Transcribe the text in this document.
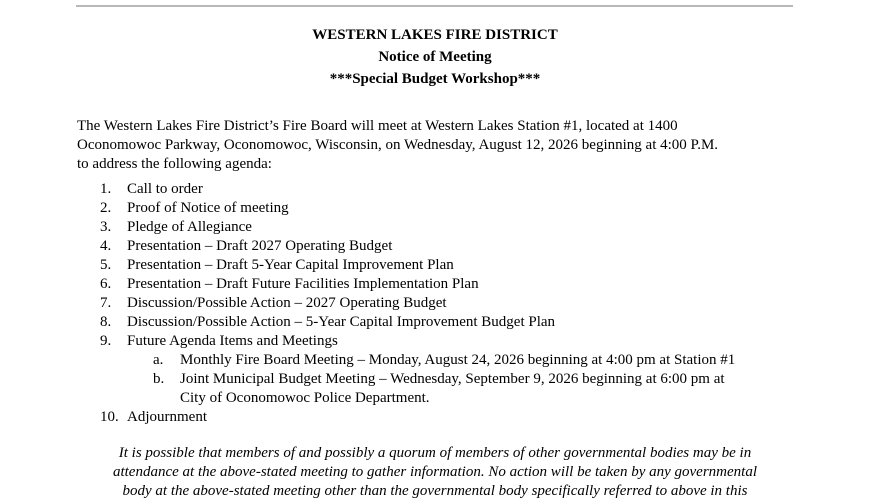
WESTERN LAKES FIRE DISTRICT
Notice of Meeting
***Special Budget Workshop***
The Western Lakes Fire District’s Fire Board will meet at Western Lakes Station #1, located at 1400
Oconomowoc Parkway, Oconomowoc, Wisconsin, on Wednesday, August 12, 2026 beginning at 4:00 P.M.
to address the following agenda:
1.	Call to order
2.	Proof of Notice of meeting
3.	Pledge of Allegiance
4.	Presentation – Draft 2027 Operating Budget
5.	Presentation – Draft 5-Year Capital Improvement Plan
6.	Presentation – Draft Future Facilities Implementation Plan
7.	Discussion/Possible Action – 2027 Operating Budget
8.	Discussion/Possible Action – 5-Year Capital Improvement Budget Plan
9.	Future Agenda Items and Meetings
a. Monthly Fire Board Meeting – Monday, August 24, 2026 beginning at 4:00 pm at Station #1
b. Joint Municipal Budget Meeting – Wednesday, September 9, 2026 beginning at 6:00 pm at
City of Oconomowoc Police Department.
10. Adjournment
It is possible that members of and possibly a quorum of members of other governmental bodies may be in
attendance at the above-stated meeting to gather information. No action will be taken by any governmental
body at the above-stated meeting other than the governmental body specifically referred to above in this
